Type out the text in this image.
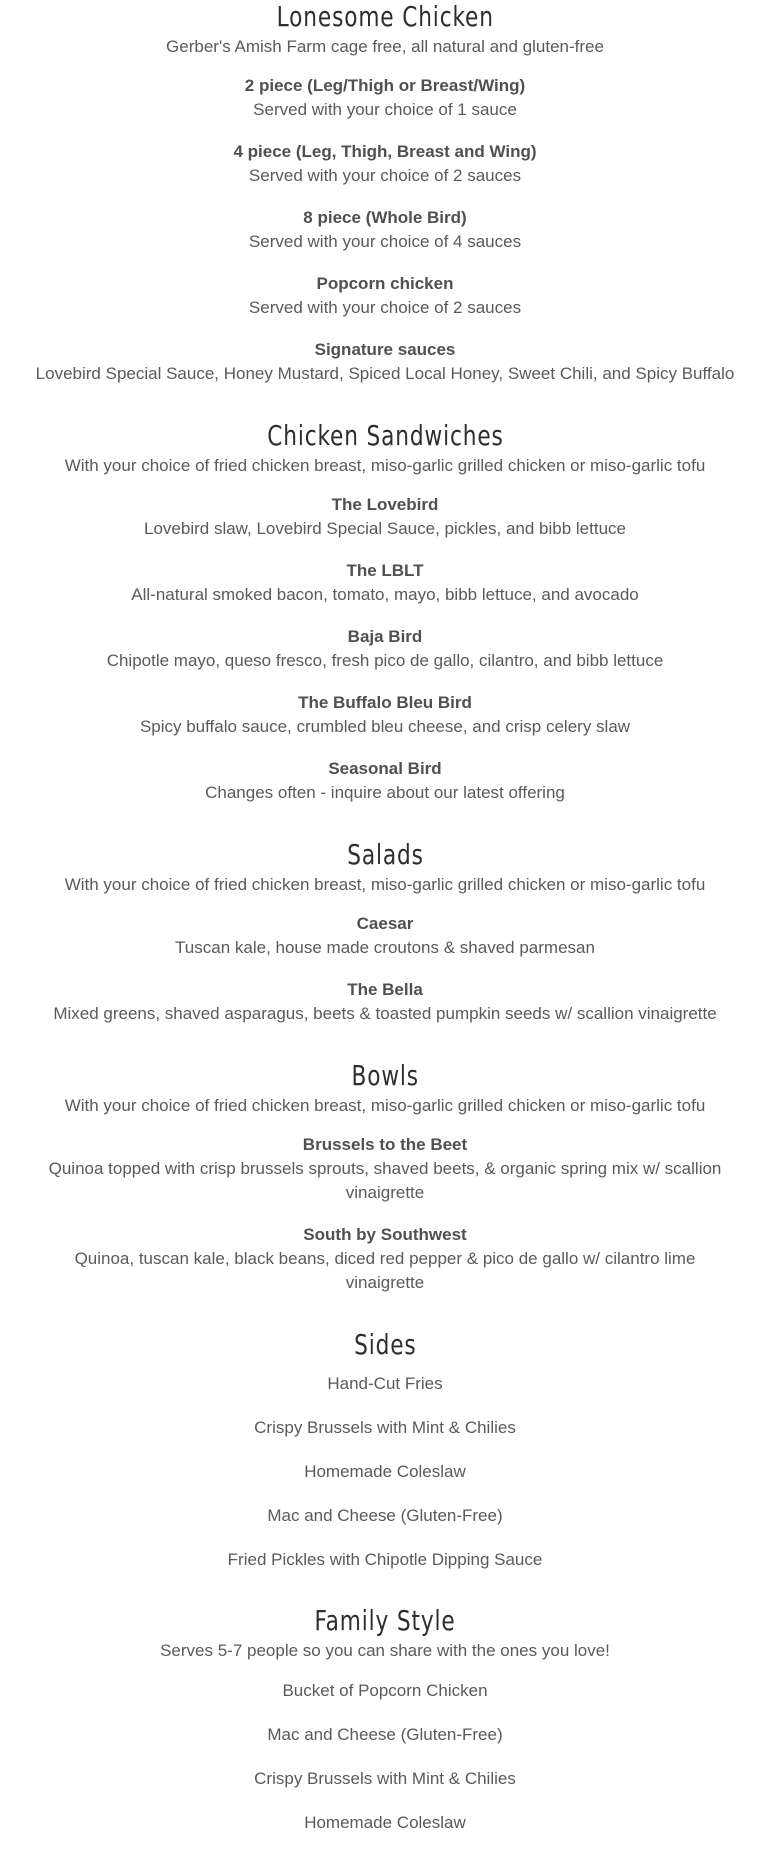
Lonesome Chicken

Gerber's Amish Farm cage free, all natural and gluten-free

2 piece (Leg/Thigh or Breast/Wing)

Served with your choice of 1 sauce

4 piece (Leg, Thigh, Breast and Wing)

Served with your choice of 2 sauces

8 piece (Whole Bird)

Served with your choice of 4 sauces

Popcorn chicken

Served with your choice of 2 sauces

Signature sauces

Lovebird Special Sauce, Honey Mustard, Spiced Local Honey, Sweet Chili, and Spicy Buffalo

Chicken Sandwiches

With your choice of fried chicken breast, miso-garlic grilled chicken or miso-garlic tofu

The Lovebird

Lovebird slaw, Lovebird Special Sauce, pickles, and bibb lettuce

The LBLT

All-natural smoked bacon, tomato, mayo, bibb lettuce, and avocado

Baja Bird

Chipotle mayo, queso fresco, fresh pico de gallo, cilantro, and bibb lettuce

The Buffalo Bleu Bird

Spicy buffalo sauce, crumbled bleu cheese, and crisp celery slaw

Seasonal Bird

Changes often - inquire about our latest offering

Salads

With your choice of fried chicken breast, miso-garlic grilled chicken or miso-garlic tofu

Caesar

Tuscan kale, house made croutons & shaved parmesan

The Bella

Mixed greens, shaved asparagus, beets & toasted pumpkin seeds w/ scallion vinaigrette

Bowls

With your choice of fried chicken breast, miso-garlic grilled chicken or miso-garlic tofu

Brussels to the Beet

Quinoa topped with crisp brussels sprouts, shaved beets, & organic spring mix w/ scallion vinaigrette

South by Southwest

Quinoa, tuscan kale, black beans, diced red pepper & pico de gallo w/ cilantro lime vinaigrette

Sides

Hand-Cut Fries

Crispy Brussels with Mint & Chilies

Homemade Coleslaw

Mac and Cheese (Gluten-Free)

Fried Pickles with Chipotle Dipping Sauce

Family Style

Serves 5-7 people so you can share with the ones you love!

Bucket of Popcorn Chicken

Mac and Cheese (Gluten-Free)

Crispy Brussels with Mint & Chilies

Homemade Coleslaw
